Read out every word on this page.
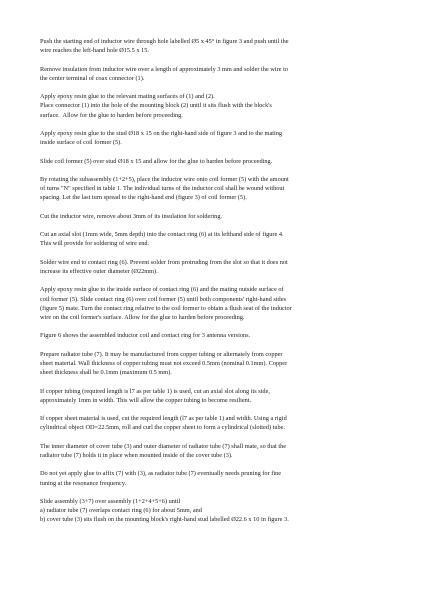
Push the starting end of inductor wire through hole labelled Ø5 x 45° in figure 3 and push until the
wire reaches the left-hand hole Ø15.5 x 15.

Remove insulation from inductor wire over a length of approximately 3 mm and solder the wire to
the center terminal of coax connector (1).

Apply epoxy resin glue to the relevant mating surfaces of (1) and (2).
Place connector (1) into the hole of the mounting block (2) until it sits flush with the block's
surface.  Allow for the glue to harden before proceeding.

Apply epoxy resin glue to the stud Ø18 x 15 on the right-hand side of figure 3 and to the mating
inside surface of coil former (5).

Slide coil former (5) over stud Ø18 x 15 and allow for the glue to harden before proceeding.

By rotating the subassembly (1+2+5), place the inductor wire onto coil former (5) with the amount
of turns "N" specified in table 1. The individual turns of the inductor coil shall be wound without
spacing. Let the last turn spread to the right-hand end (figure 3) of coil former (5).

Cut the inductor wire, remove about 3mm of its insulation for soldering.

Cut an axial slot (1mm wide, 5mm depth) into the contact ring (6) at its lefthand side of figure 4.
This will provide for soldering of wire end.

Solder wire end to contact ring (6). Prevent solder from protruding from the slot so that it does not
increase its effective outer diameter (Ø22mm).

Apply epoxy resin glue to the inside surface of contact ring (6) and the mating outside surface of
coil former (5). Slide contact ring (6) over coil former (5) until both components' right-hand sides
(figure 5) mate. Turn the contact ring relative to the coil former to obtain a flush seat of the inductor
wire on the coil former's surface. Allow for the glue to harden before proceeding.

Figure 6 shows the assembled inductor coil and contact ring for 3 antenna versions.

Prepare radiator tube (7). It may be manufactured from copper tubing or alternately from copper
sheet material. Wall thickness of copper tubing must not exceed 0.5mm (nominal 0.1mm). Copper
sheet thickness shall be 0.1mm (maximum 0.5 mm).

If copper tubing (required length is l7 as per table 1) is used, cut an axial slot along its side,
approximately 1mm in width. This will allow the copper tubing to become resilient.

If copper sheet material is used, cut the required length (l7 as per table 1) and width. Using a rigid
cylindrical object OD=22.5mm, roll and curl the copper sheet to form a cylindrical (slotted) tube.

The inner diameter of cover tube (3) and outer diameter of radiator tube (7) shall mate, so that the
radiator tube (7) holds it in place when mounted inside of the cover tube (3).

Do not yet apply glue to affix (7) with (3), as radiator tube (7) eventually needs pruning for fine
tuning at the resonance frequency.

Slide assembly (3+7) over assembly (1+2+4+5+6) until
a) radiator tube (7) overlaps contact ring (6) for about 5mm, and
b) cover tube (3) sits flush on the mounting block's right-hand stud labelled Ø22.6 x 10 in figure 3.
